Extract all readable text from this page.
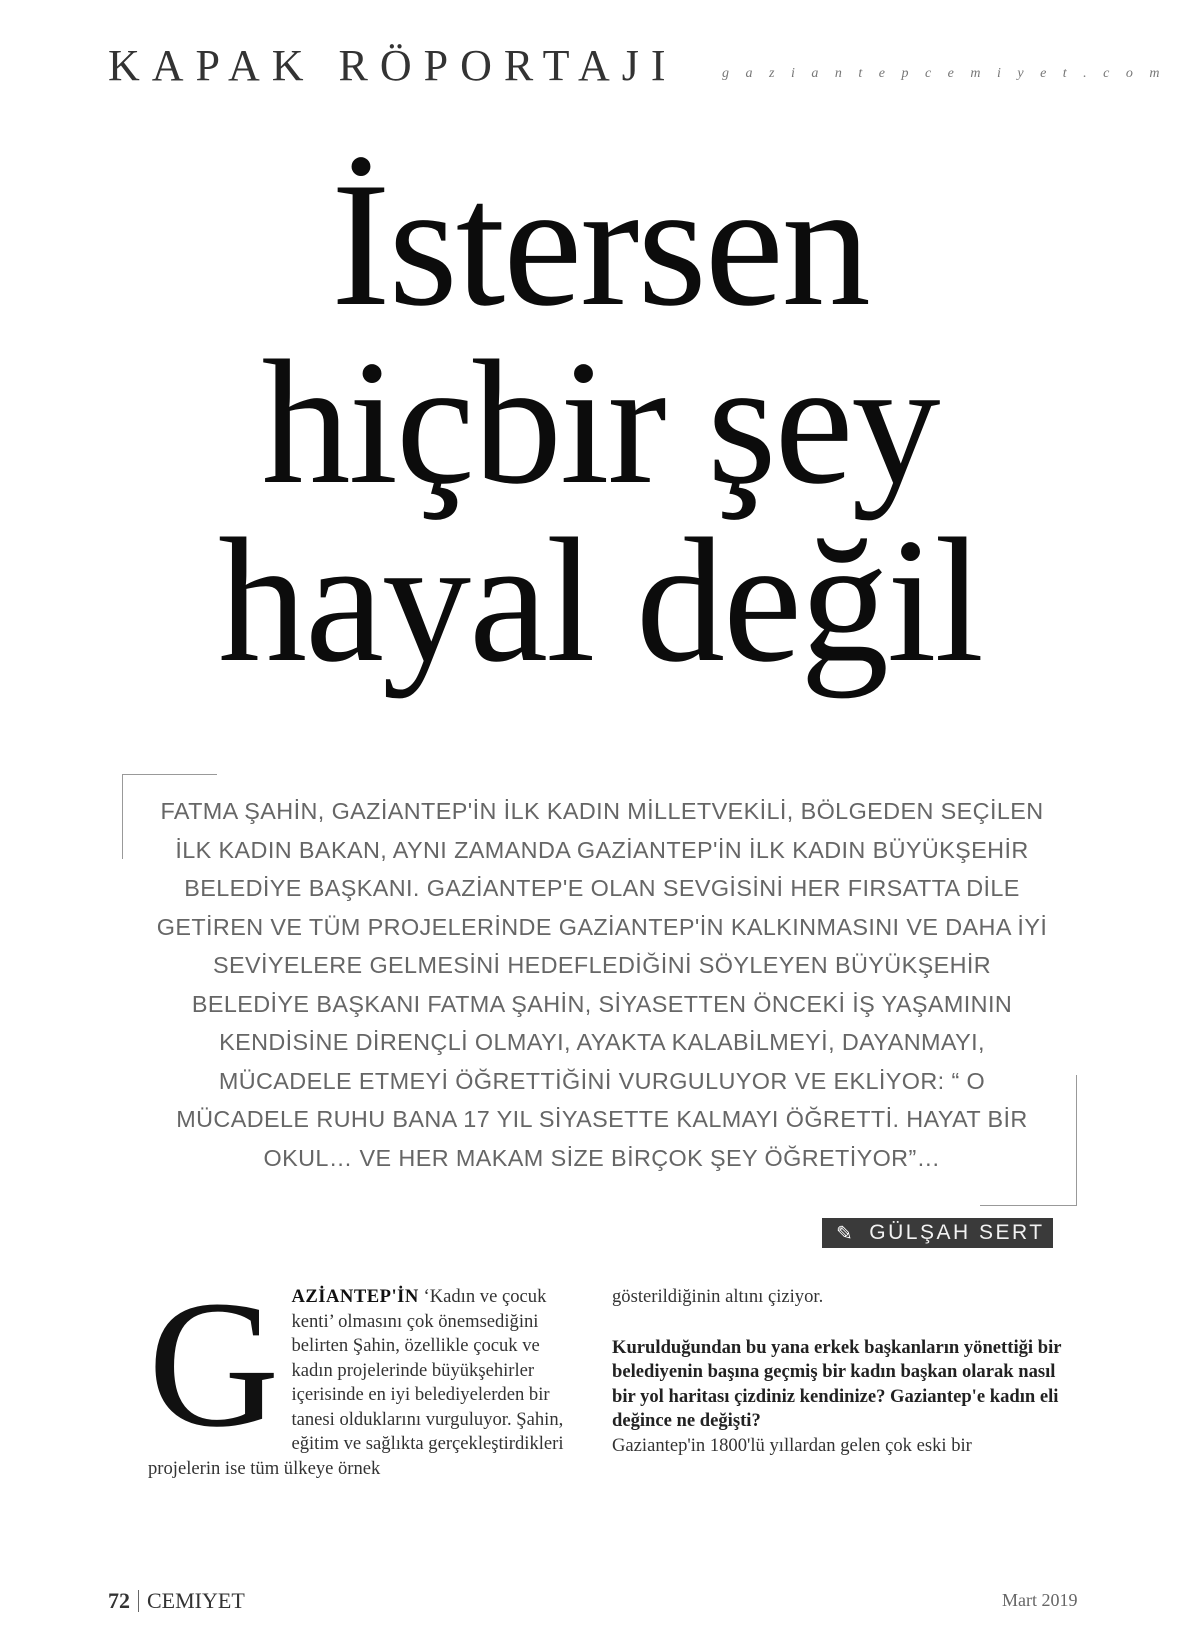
KAPAK RÖPORTAJI	g a z i a n t e p c e m i y e t . c o m
İstersen
hiçbir şey
hayal değil

FATMA ŞAHİN, GAZİANTEP'İN İLK KADIN MİLLETVEKİLİ, BÖLGEDEN SEÇİLEN İLK KADIN BAKAN, AYNI ZAMANDA GAZİANTEP'İN İLK KADIN BÜYÜKŞEHİR BELEDİYE BAŞKANI. GAZİANTEP'E OLAN SEVGİSİNİ HER FIRSATTA DİLE GETİREN VE TÜM PROJELERİNDE GAZİANTEP'İN KALKINMASINI VE DAHA İYİ SEVİYELERE GELMESİNİ HEDEFLEDİĞİNİ SÖYLEYEN BÜYÜKŞEHİR BELEDİYE BAŞKANI FATMA ŞAHİN, SİYASETTEN ÖNCEKİ İŞ YAŞAMININ KENDİSİNE DİRENÇLİ OLMAYI, AYAKTA KALABİLMEYİ, DAYANMAYI, MÜCADELE ETMEYİ ÖĞRETTİĞİNİ VURGULUYOR VE EKLİYOR: “ O MÜCADELE RUHU BANA 17 YIL SİYASETTE KALMAYI ÖĞRETTİ. HAYAT BİR OKUL… VE HER MAKAM SİZE BİRÇOK ŞEY ÖĞRETİYOR”…

✎ GÜLŞAH SERT
G AZİANTEP'İN ‘Kadın ve çocuk kenti’ olmasını çok önemsediğini belirten Şahin, özellikle çocuk ve kadın projelerinde büyükşehirler içerisinde en iyi belediyelerden bir tanesi olduklarını vurguluyor. Şahin, eğitim ve sağlıkta gerçekleştirdikleri projelerin ise tüm ülkeye örnek

gösterildiğinin altını çiziyor.

Kurulduğundan bu yana erkek başkanların yönettiği bir belediyenin başına geçmiş bir kadın başkan olarak nasıl bir yol haritası çizdiniz kendinize? Gaziantep'e kadın eli değince ne değişti?

Gaziantep'in 1800'lü yıllardan gelen çok eski bir

72 CEMIYET	Mart 2019
